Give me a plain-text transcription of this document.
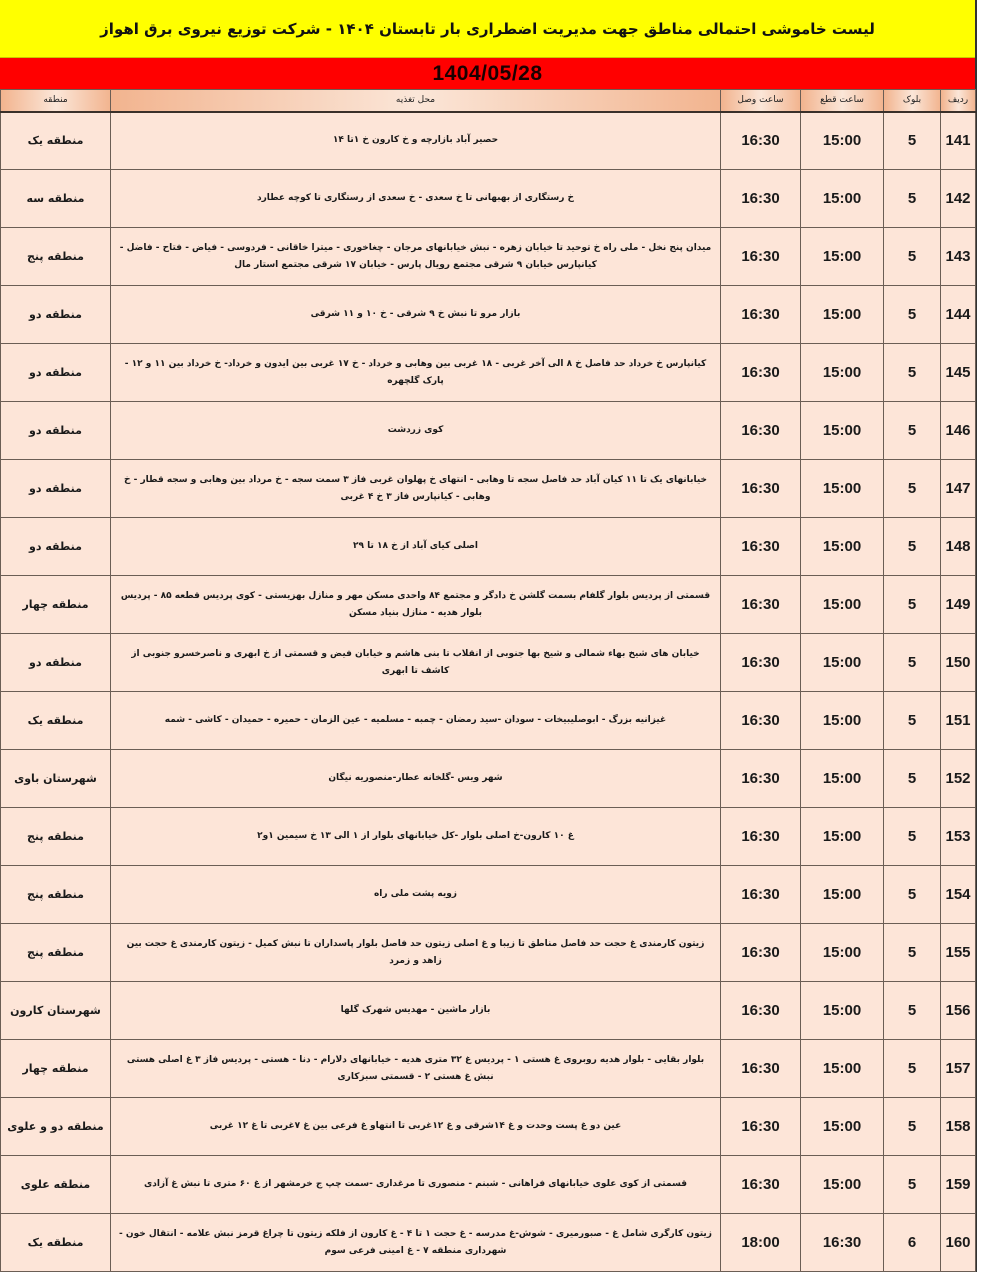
لیست خاموشی احتمالی مناطق جهت مدیریت اضطراری بار تابستان ۱۴۰۴ - شرکت توزیع نیروی برق اهواز
1404/05/28
ردیف	بلوک	ساعت قطع	ساعت وصل	محل تغذیه	منطقه
141	5	15:00	16:30	حصیر آباد بازارچه و خ کارون خ ۱تا ۱۴	منطقه یک
142	5	15:00	16:30	خ رستگاری از بهبهانی تا خ سعدی - خ سعدی از رستگاری تا کوچه عطارد	منطقه سه
143	5	15:00	16:30	میدان پنج نخل - ملی راه خ توحید تا خیابان زهره - نبش خیابانهای مرجان - چغاخوری - میترا خاقانی - فردوسی - فیاض - فتاح - فاضل - کیانپارس خیابان ۹ شرقی مجتمع رویال پارس - خیابان ۱۷ شرقی مجتمع استار مال	منطقه پنج
144	5	15:00	16:30	بازار مرو تا نبش خ ۹ شرقی - خ ۱۰ و ۱۱ شرقی	منطقه دو
145	5	15:00	16:30	کیانپارس خ خرداد حد فاصل خ ۸ الی آخر غربی - ۱۸ غربی بین وهابی و خرداد - خ ۱۷ غربی بین ایدون و خرداد- خ خرداد بین ۱۱ و ۱۲ - پارک گلچهره	منطقه دو
146	5	15:00	16:30	کوی زردشت	منطقه دو
147	5	15:00	16:30	خیابانهای یک تا ۱۱ کیان آباد حد فاصل سجه تا وهابی - انتهای خ پهلوان غربی فاز ۳ سمت سجه - خ مرداد بین وهابی و سجه قطار - خ وهابی - کیانپارس فاز ۳ خ ۴ غربی	منطقه دو
148	5	15:00	16:30	اصلی کیای آباد از خ ۱۸ تا ۲۹	منطقه دو
149	5	15:00	16:30	قسمتی از پردیس بلوار گلفام بسمت گلشن خ دادگر و مجتمع ۸۴ واحدی مسکن مهر و منازل بهزیستی - کوی پردیس قطعه ۸۵ - پردیس بلوار هدیه - منازل بنیاد مسکن	منطقه چهار
150	5	15:00	16:30	خیابان های شیخ بهاء شمالی و شیخ بها جنوبی از انقلاب تا بنی هاشم و خیابان فیض و قسمتی از خ ابهری و ناصرخسرو جنوبی از کاشف تا ابهری	منطقه دو
151	5	15:00	16:30	غیزانیه بزرگ - ابوصلیبیخات - سودان -سید رمضان - چمبه - مسلمیه - عین الزمان - حمیره - حمیدان - کاشی - شمه	منطقه یک
152	5	15:00	16:30	شهر ویس -گلخانه عطار-منصوریه نیگان	شهرستان باوی
153	5	15:00	16:30	غ ۱۰ کارون-خ اصلی بلوار -کل خیابانهای بلوار از ۱ الی ۱۳ خ سیمین ۱و۲	منطقه پنج
154	5	15:00	16:30	زویه پشت ملی راه	منطقه پنج
155	5	15:00	16:30	زیتون کارمندی غ حجت حد فاصل مناطق تا زیبا و غ اصلی زیتون حد فاصل بلوار پاسداران تا نبش کمیل - زیتون کارمندی غ حجت بین زاهد و زمرد	منطقه پنج
156	5	15:00	16:30	بازار ماشین - مهدیس شهرک گلها	شهرستان کارون
157	5	15:00	16:30	بلوار بقایی - بلوار هدیه روبروی غ هستی ۱ - پردیس غ ۳۲ متری هدیه - خیابانهای دلارام - دنا - هستی - پردیس فاز ۳ غ اصلی هستی نبش غ هستی ۲ - قسمتی سبزکاری	منطقه چهار
158	5	15:00	16:30	عین دو غ پست وحدت و غ ۱۴شرقی و غ ۱۲غربی تا انتهاو غ فرعی بین غ ۷غربی تا غ ۱۲ غربی	منطقه دو و علوی
159	5	15:00	16:30	قسمتی از کوی علوی خیابانهای فراهانی - شبنم - منصوری تا مرغداری -سمت چپ ج خرمشهر از غ ۶۰ متری تا نبش غ آزادی	منطقه علوی
160	6	16:30	18:00	زیتون کارگری شامل غ - صبورمیری - شوش-غ مدرسه - غ حجت ۱ تا ۴ - غ کارون از فلکه زیتون تا چراغ قرمز نبش علامه - انتقال خون - شهرداری منطقه ۷ - غ امینی فرعی سوم	منطقه یک
